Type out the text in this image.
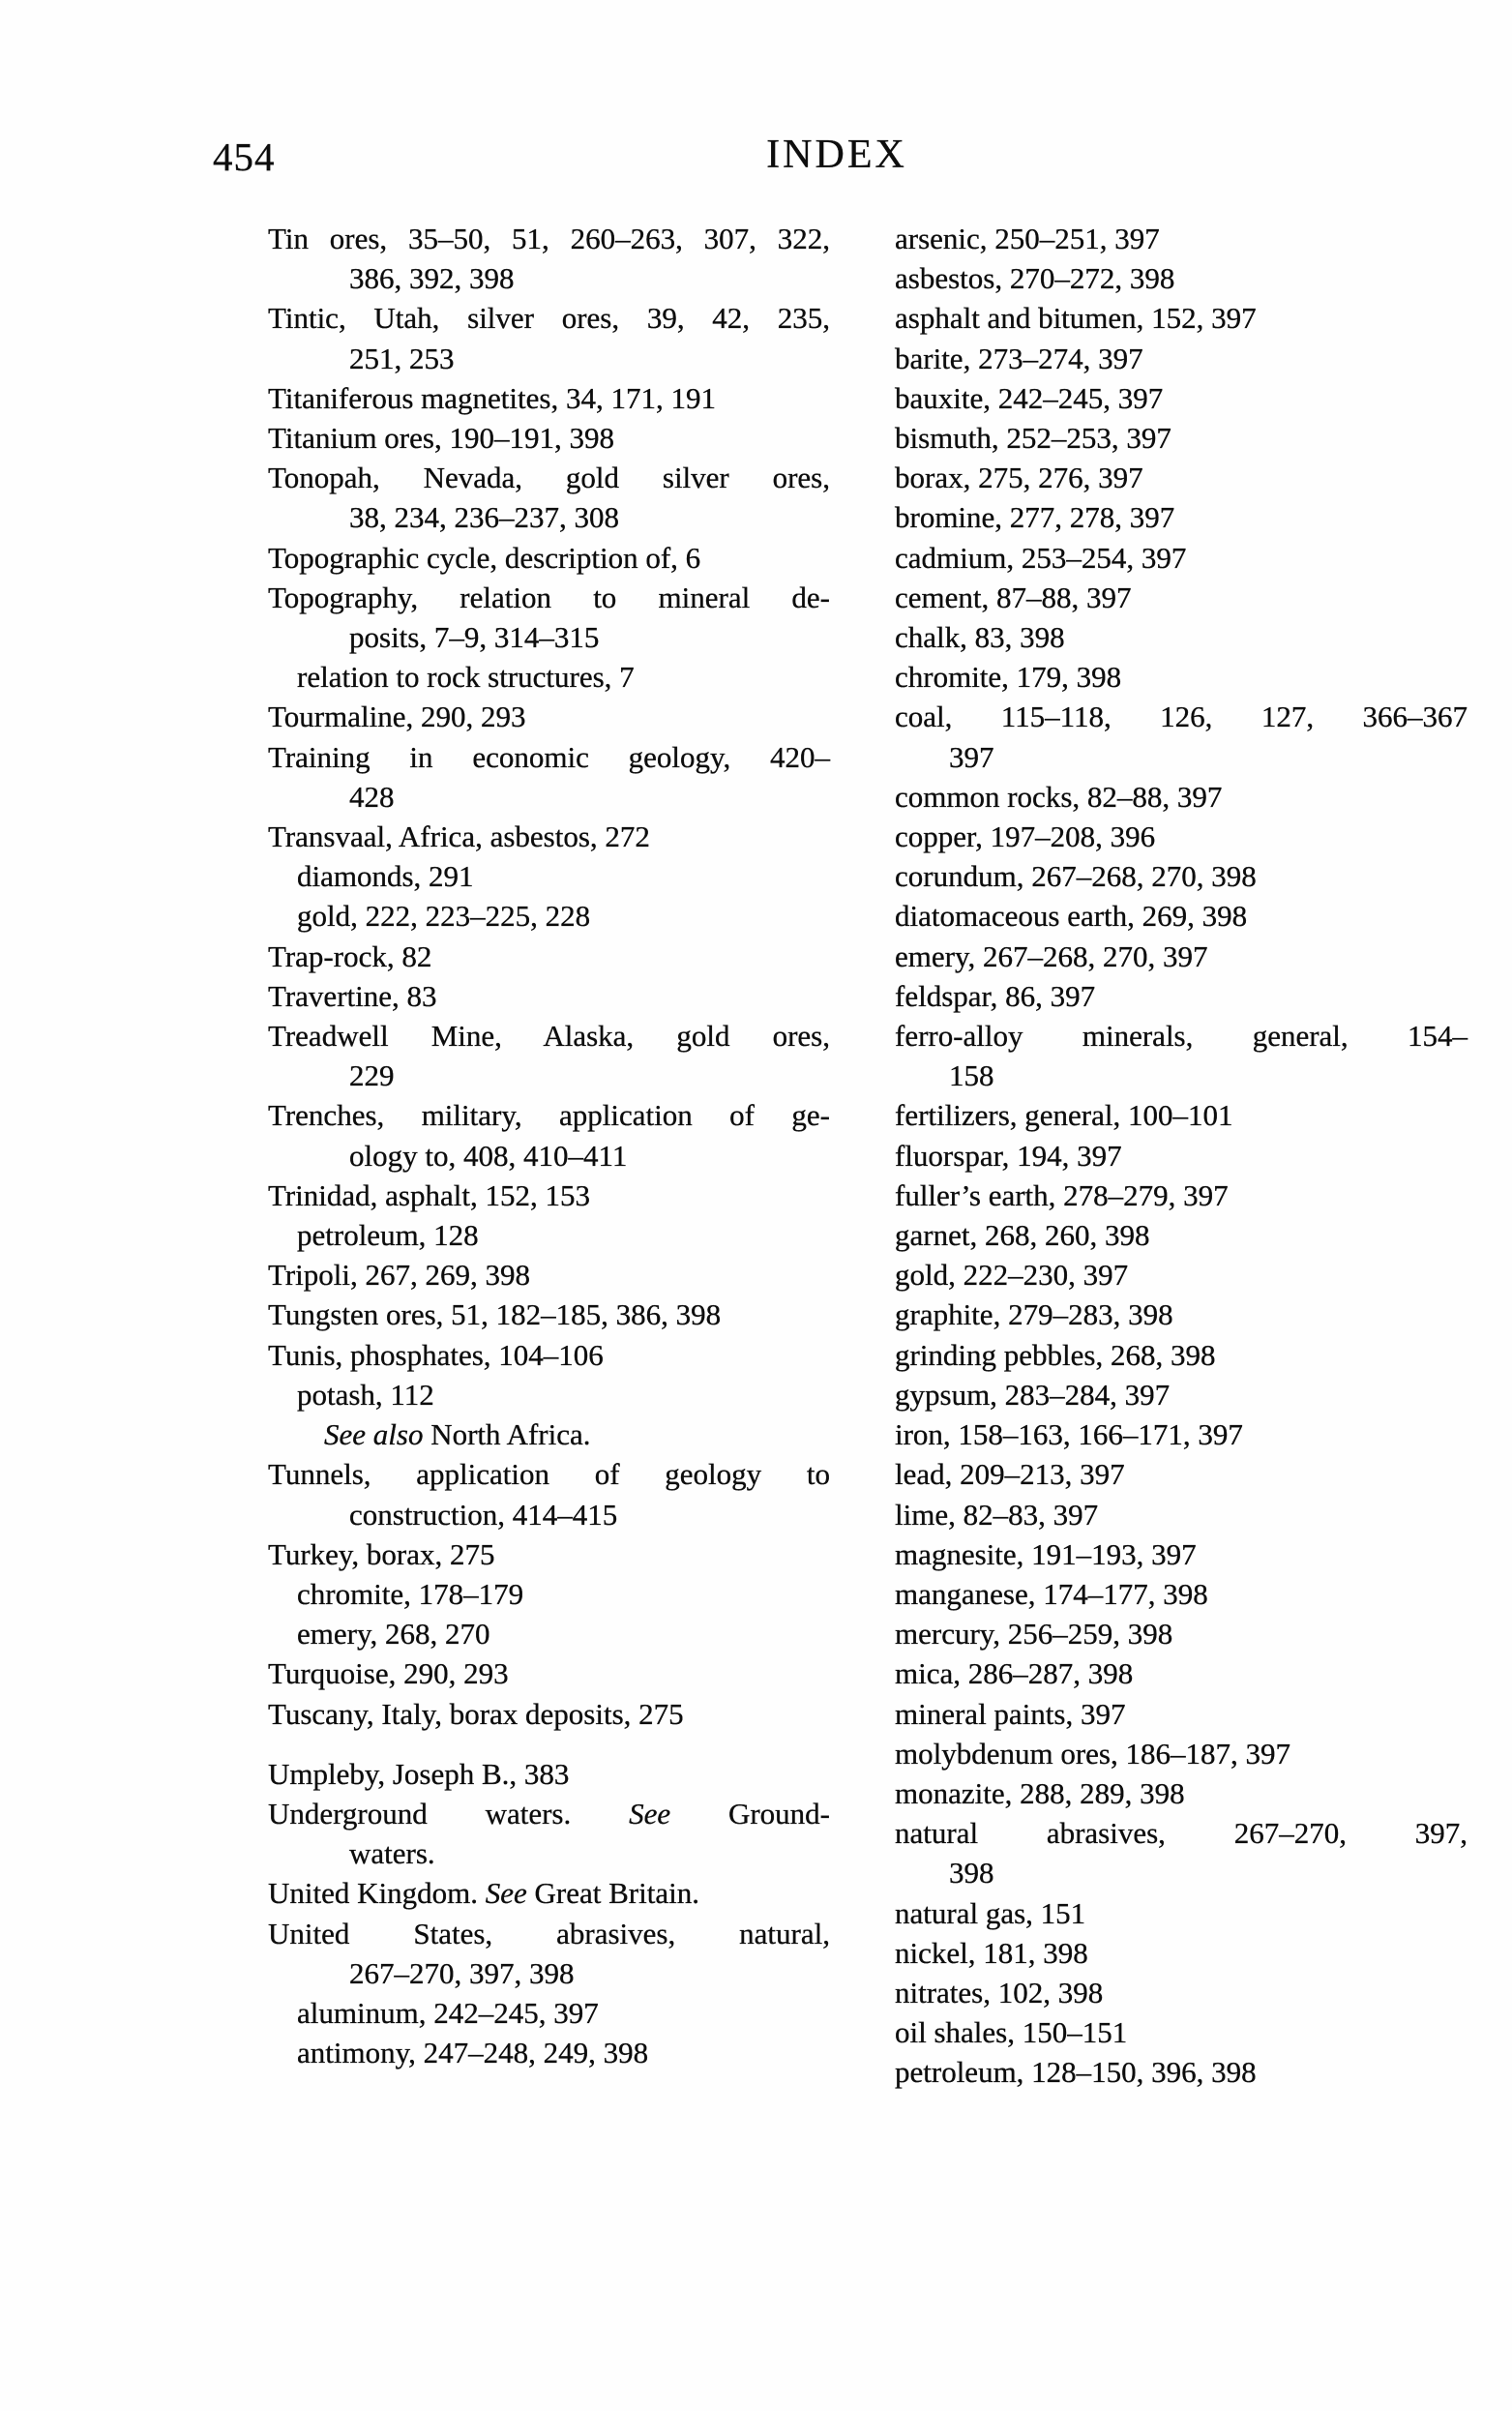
454	INDEX
Tin ores, 35–50, 51, 260–263, 307, 322,
386, 392, 398
Tintic, Utah, silver ores, 39, 42, 235,
251, 253
Titaniferous magnetites, 34, 171, 191
Titanium ores, 190–191, 398
Tonopah, Nevada, gold silver ores,
38, 234, 236–237, 308
Topographic cycle, description of, 6
Topography, relation to mineral de-
posits, 7–9, 314–315
relation to rock structures, 7
Tourmaline, 290, 293
Training in economic geology, 420–
428
Transvaal, Africa, asbestos, 272
diamonds, 291
gold, 222, 223–225, 228
Trap-rock, 82
Travertine, 83
Treadwell Mine, Alaska, gold ores,
229
Trenches, military, application of ge-
ology to, 408, 410–411
Trinidad, asphalt, 152, 153
petroleum, 128
Tripoli, 267, 269, 398
Tungsten ores, 51, 182–185, 386, 398
Tunis, phosphates, 104–106
potash, 112
See also North Africa.
Tunnels, application of geology to
construction, 414–415
Turkey, borax, 275
chromite, 178–179
emery, 268, 270
Turquoise, 290, 293
Tuscany, Italy, borax deposits, 275
Umpleby, Joseph B., 383
Underground waters. See Ground-
waters.
United Kingdom. See Great Britain.
United States, abrasives, natural,
267–270, 397, 398
aluminum, 242–245, 397
antimony, 247–248, 249, 398
arsenic, 250–251, 397
asbestos, 270–272, 398
asphalt and bitumen, 152, 397
barite, 273–274, 397
bauxite, 242–245, 397
bismuth, 252–253, 397
borax, 275, 276, 397
bromine, 277, 278, 397
cadmium, 253–254, 397
cement, 87–88, 397
chalk, 83, 398
chromite, 179, 398
coal, 115–118, 126, 127, 366–367
397
common rocks, 82–88, 397
copper, 197–208, 396
corundum, 267–268, 270, 398
diatomaceous earth, 269, 398
emery, 267–268, 270, 397
feldspar, 86, 397
ferro-alloy minerals, general, 154–
158
fertilizers, general, 100–101
fluorspar, 194, 397
fuller’s earth, 278–279, 397
garnet, 268, 260, 398
gold, 222–230, 397
graphite, 279–283, 398
grinding pebbles, 268, 398
gypsum, 283–284, 397
iron, 158–163, 166–171, 397
lead, 209–213, 397
lime, 82–83, 397
magnesite, 191–193, 397
manganese, 174–177, 398
mercury, 256–259, 398
mica, 286–287, 398
mineral paints, 397
molybdenum ores, 186–187, 397
monazite, 288, 289, 398
natural abrasives, 267–270, 397,
398
natural gas, 151
nickel, 181, 398
nitrates, 102, 398
oil shales, 150–151
petroleum, 128–150, 396, 398
